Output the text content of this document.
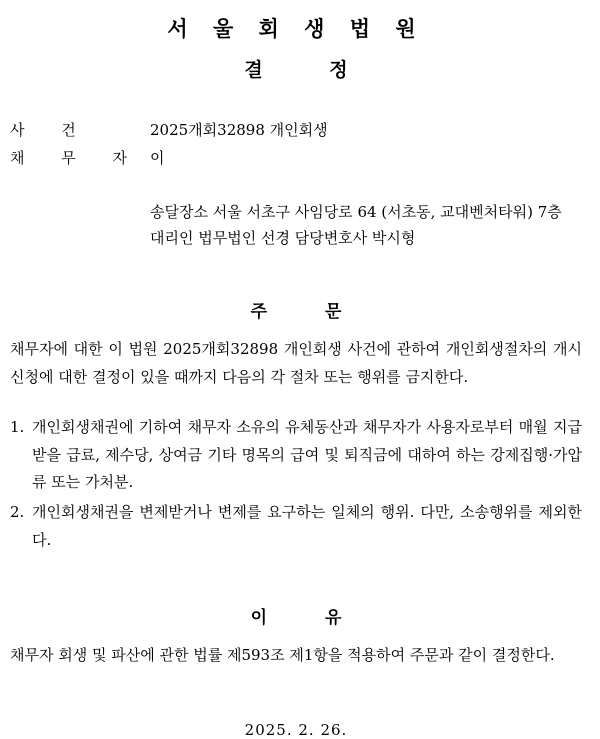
서 울 회 생 법 원
결 정
사 건	2025개회32898 개인회생
채 무 자 이
송달장소 서울 서초구 사임당로 64 (서초동, 교대벤처타워) 7층
대리인 법무법인 선경 담당변호사 박시형
주 문

채무자에 대한 이 법원 2025개회32898 개인회생 사건에 관하여 개인회생절차의 개시신청에 대한 결정이 있을 때까지 다음의 각 절차 또는 행위를 금지한다.

1. 개인회생채권에 기하여 채무자 소유의 유체동산과 채무자가 사용자로부터 매월 지급받을 급료, 제수당, 상여금 기타 명목의 급여 및 퇴직금에 대하여 하는 강제집행·가압류 또는 가처분.
2. 개인회생채권을 변제받거나 변제를 요구하는 일체의 행위. 다만, 소송행위를 제외한다.
이 유

채무자 회생 및 파산에 관한 법률 제593조 제1항을 적용하여 주문과 같이 결정한다.

2025. 2. 26.
